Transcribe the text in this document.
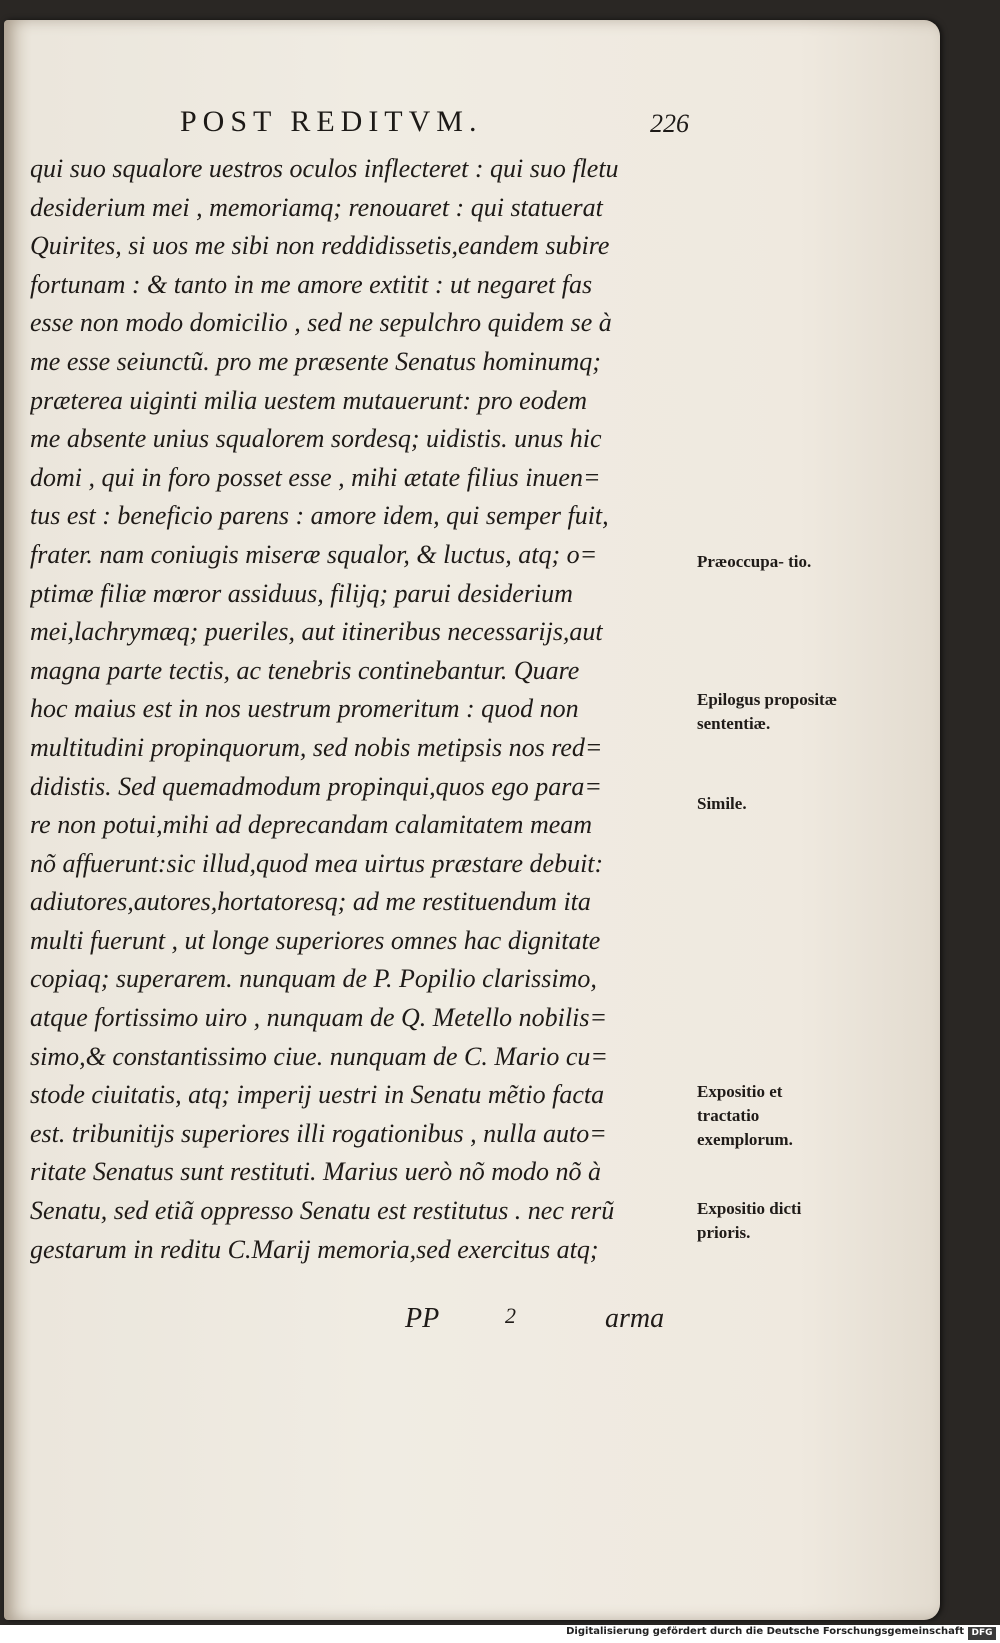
POST REDITVM.	226
qui suo squalore uestros oculos inflecteret : qui suo fletu
desiderium mei , memoriamq; renouaret : qui statuerat
Quirites, si uos me sibi non reddidissetis,eandem subire
fortunam : & tanto in me amore extitit : ut negaret fas
esse non modo domicilio , sed ne sepulchro quidem se à
me esse seiunctũ. pro me præsente Senatus hominumq;
præterea uiginti milia uestem mutauerunt: pro eodem
me absente unius squalorem sordesq; uidistis. unus hic
domi , qui in foro posset esse , mihi ætate filius inuen=
tus est : beneficio parens : amore idem, qui semper fuit,
frater. nam coniugis miseræ squalor, & luctus, atq; o=
ptimæ filiæ mœror assiduus, filijq; parui desiderium
mei,lachrymæq; pueriles, aut itineribus necessarijs,aut
magna parte tectis, ac tenebris continebantur. Quare
hoc maius est in nos uestrum promeritum : quod non
multitudini propinquorum, sed nobis metipsis nos red=
didistis. Sed quemadmodum propinqui,quos ego para=
re non potui,mihi ad deprecandam calamitatem meam
nõ affuerunt:sic illud,quod mea uirtus præstare debuit:
adiutores,autores,hortatoresq; ad me restituendum ita
multi fuerunt , ut longe superiores omnes hac dignitate
copiaq; superarem. nunquam de P. Popilio clarissimo,
atque fortissimo uiro , nunquam de Q. Metello nobilis=
simo,& constantissimo ciue. nunquam de C. Mario cu=
stode ciuitatis, atq; imperij uestri in Senatu mẽtio facta
est. tribunitijs superiores illi rogationibus , nulla auto=
ritate Senatus sunt restituti. Marius uerò nõ modo nõ à
Senatu, sed etiã oppresso Senatu est restitutus . nec rerũ
gestarum in reditu C.Marij memoria,sed exercitus atq;
Præoccupa- tio.
Epilogus propositæ sententiæ.
Simile.
Expositio et tractatio exemplorum.
Expositio dicti prioris.
PP	2	arma
Digitalisierung gefördert durch die Deutsche Forschungsgemeinschaft DFG
